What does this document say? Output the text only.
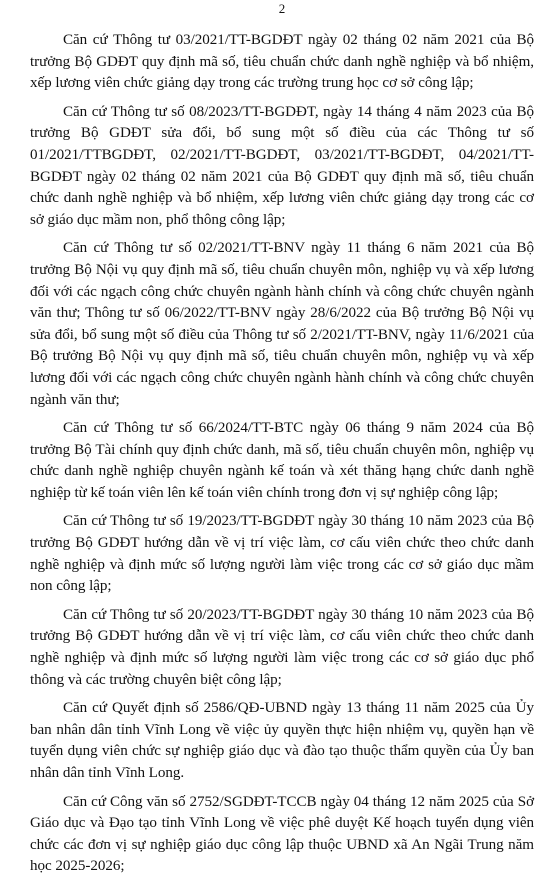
2

Căn cứ Thông tư 03/2021/TT-BGDĐT ngày 02 tháng 02 năm 2021 của Bộ trưởng Bộ GDĐT quy định mã số, tiêu chuẩn chức danh nghề nghiệp và bổ nhiệm, xếp lương viên chức giảng dạy trong các trường trung học cơ sở công lập;

Căn cứ Thông tư số 08/2023/TT-BGDĐT, ngày 14 tháng 4 năm 2023 của Bộ trưởng Bộ GDĐT sửa đổi, bổ sung một số điều của các Thông tư số 01/2021/TTBGDĐT, 02/2021/TT-BGDĐT, 03/2021/TT-BGDĐT, 04/2021/TT-BGDĐT ngày 02 tháng 02 năm 2021 của Bộ GDĐT quy định mã số, tiêu chuẩn chức danh nghề nghiệp và bổ nhiệm, xếp lương viên chức giảng dạy trong các cơ sở giáo dục mầm non, phổ thông công lập;

Căn cứ Thông tư số 02/2021/TT-BNV ngày 11 tháng 6 năm 2021 của Bộ trưởng Bộ Nội vụ quy định mã số, tiêu chuẩn chuyên môn, nghiệp vụ và xếp lương đối với các ngạch công chức chuyên ngành hành chính và công chức chuyên ngành văn thư; Thông tư số 06/2022/TT-BNV ngày 28/6/2022 của Bộ trưởng Bộ Nội vụ sửa đổi, bổ sung một số điều của Thông tư số 2/2021/TT-BNV, ngày 11/6/2021 của Bộ trưởng Bộ Nội vụ quy định mã số, tiêu chuẩn chuyên môn, nghiệp vụ và xếp lương đối với các ngạch công chức chuyên ngành hành chính và công chức chuyên ngành văn thư;

Căn cứ Thông tư số 66/2024/TT-BTC ngày 06 tháng 9 năm 2024 của Bộ trưởng Bộ Tài chính quy định chức danh, mã số, tiêu chuẩn chuyên môn, nghiệp vụ chức danh nghề nghiệp chuyên ngành kế toán và xét thăng hạng chức danh nghề nghiệp từ kế toán viên lên kế toán viên chính trong đơn vị sự nghiệp công lập;

Căn cứ Thông tư số 19/2023/TT-BGDĐT ngày 30 tháng 10 năm 2023 của Bộ trưởng Bộ GDĐT hướng dẫn về vị trí việc làm, cơ cấu viên chức theo chức danh nghề nghiệp và định mức số lượng người làm việc trong các cơ sở giáo dục mầm non công lập;

Căn cứ Thông tư số 20/2023/TT-BGDĐT ngày 30 tháng 10 năm 2023 của Bộ trưởng Bộ GDĐT hướng dẫn về vị trí việc làm, cơ cấu viên chức theo chức danh nghề nghiệp và định mức số lượng người làm việc trong các cơ sở giáo dục phổ thông và các trường chuyên biệt công lập;

Căn cứ Quyết định số 2586/QĐ-UBND ngày 13 tháng 11 năm 2025 của Ủy ban nhân dân tỉnh Vĩnh Long về việc ủy quyền thực hiện nhiệm vụ, quyền hạn về tuyển dụng viên chức sự nghiệp giáo dục và đào tạo thuộc thẩm quyền của Ủy ban nhân dân tỉnh Vĩnh Long.

Căn cứ Công văn số 2752/SGDĐT-TCCB ngày 04 tháng 12 năm 2025 của Sở Giáo dục và Đạo tạo tỉnh Vĩnh Long về việc phê duyệt Kế hoạch tuyển dụng viên chức các đơn vị sự nghiệp giáo dục công lập thuộc UBND xã An Ngãi Trung năm học 2025-2026;
